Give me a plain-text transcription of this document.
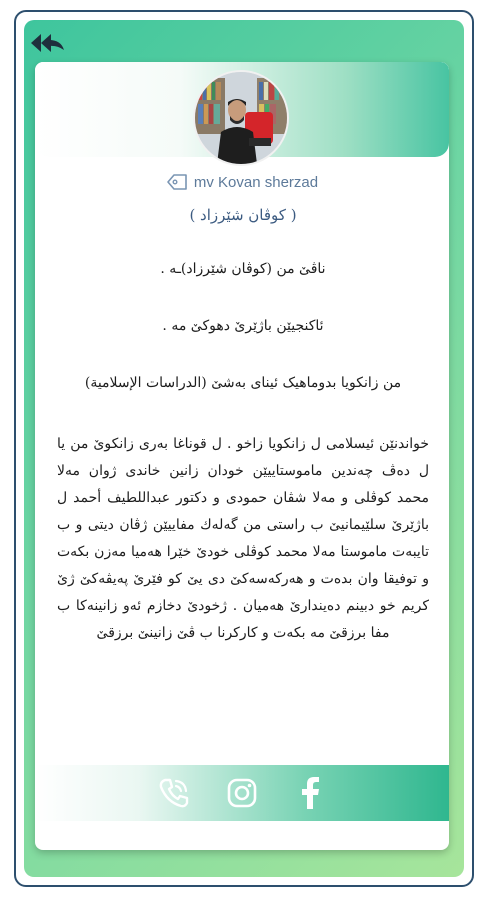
mv Kovan sherzad

( کوڤان شێرزاد )

ناڤێ من (کوڤان شێرزاد)ـه .

ئاکنجیێن باژێرێ دهوکێ مه .

من زانکویا بدوماهیک ئینای بەشێ (الدراسات الإسلامیة)

خواندنێن ئیسلامی ل زانکویا زاخو . ل قوناغا بەری زانکوێ من یا ل دەڤ چەندین ماموستاییێن خودان زانین خاندی ژوان مەلا محمد کوڤلی و مەلا شڤان حمودی و دکتور عبداللطیف أحمد ل باژێرێ سلێیمانیێ ب راستی من گەلەك مفاییێن ژڤان دیتی و ب تایبەت ماموستا مەلا محمد کوڤلی خودێ خێرا هەمیا مەزن بکەت و توفیقا وان بدەت و هەرکەسەکێ دی یێ کو فێرێ پەیڤەکێ ژێ کریم خو دبینم دەیندارێ هەمیان . ژخودێ دخازم ئەو زانینەکا ب مفا برزقێ مە بکەت و کارکرنا ب ڤێ زانینێ برزقێ
